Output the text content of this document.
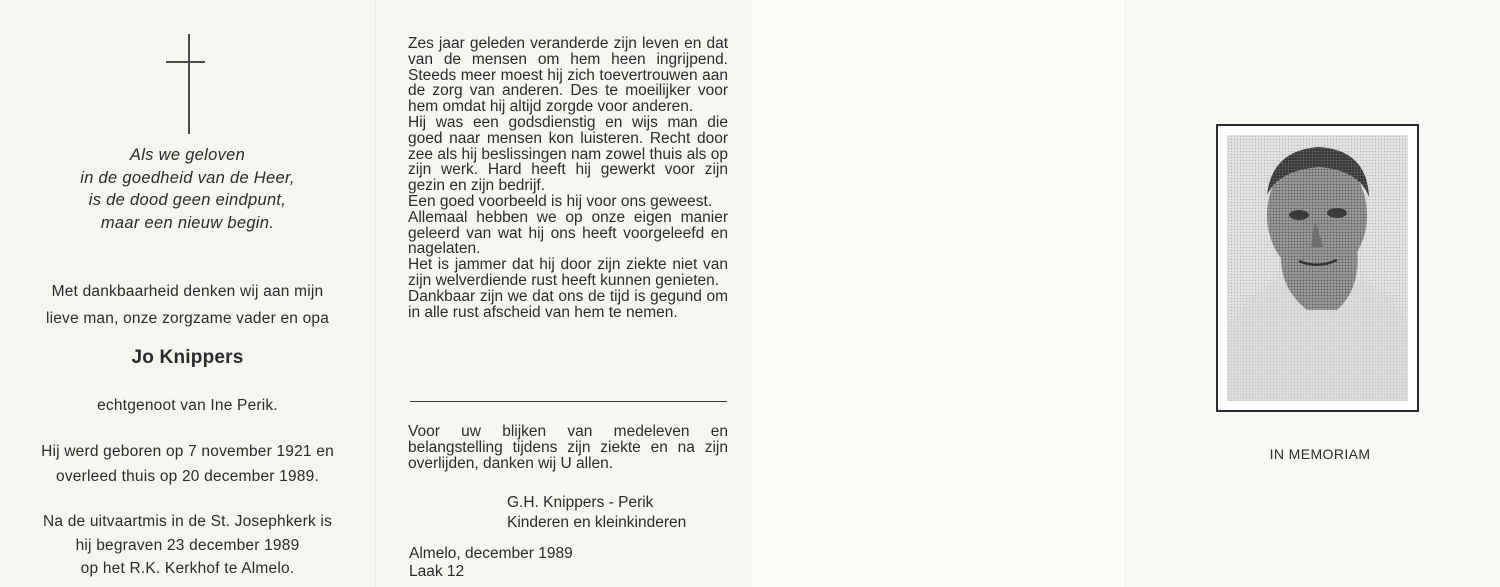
Als we geloven
in de goedheid van de Heer,
is de dood geen eindpunt,
maar een nieuw begin.
Met dankbaarheid denken wij aan mijn
lieve man, onze zorgzame vader en opa
Jo Knippers
echtgenoot van Ine Perik.
Hij werd geboren op 7 november 1921 en
overleed thuis op 20 december 1989.
Na de uitvaartmis in de St. Josephkerk is
hij begraven 23 december 1989
op het R.K. Kerkhof te Almelo.

Zes jaar geleden veranderde zijn leven en dat van de mensen om hem heen ingrijpend. Steeds meer moest hij zich toevertrouwen aan de zorg van anderen. Des te moeilijker voor hem omdat hij altijd zorgde voor anderen.

Hij was een godsdienstig en wijs man die goed naar mensen kon luisteren. Recht door zee als hij beslissingen nam zowel thuis als op zijn werk. Hard heeft hij gewerkt voor zijn gezin en zijn bedrijf.

Een goed voorbeeld is hij voor ons geweest.

Allemaal hebben we op onze eigen manier geleerd van wat hij ons heeft voorgeleefd en nagelaten.

Het is jammer dat hij door zijn ziekte niet van zijn welverdiende rust heeft kunnen genieten.

Dankbaar zijn we dat ons de tijd is gegund om in alle rust afscheid van hem te nemen.

Voor uw blijken van medeleven en belangstelling tijdens zijn ziekte en na zijn overlijden, danken wij U allen.
G.H. Knippers - Perik
Kinderen en kleinkinderen
Almelo, december 1989
Laak 12
IN MEMORIAM
